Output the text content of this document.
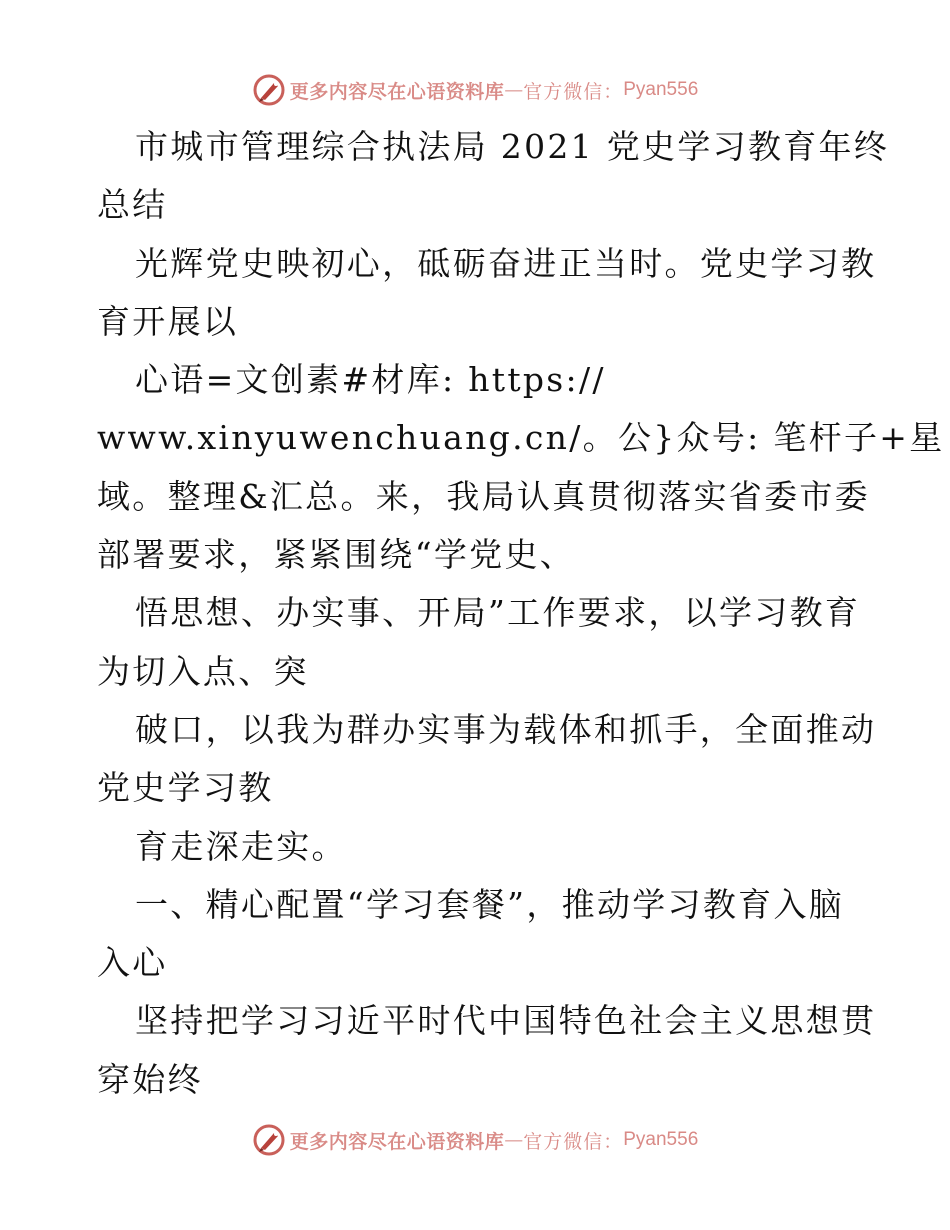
更多内容尽在心语资料库 — 官方微信： Pyan556
市城市管理综合执法局 2021 党史学习教育年终
总结
光辉党史映初心，砥砺奋进正当时。党史学习教
育开展以
心语=文创素#材库: https://
www.xinyuwenchuang.cn/。公}众号: 笔杆子+星
域。整理&汇总。来，我局认真贯彻落实省委市委
部署要求，紧紧围绕“学党史、
悟思想、办实事、开局”工作要求，以学习教育
为切入点、突
破口，以我为群办实事为载体和抓手，全面推动
党史学习教
育走深走实。
一、精心配置“学习套餐”，推动学习教育入脑
入心
坚持把学习习近平时代中国特色社会主义思想贯
穿始终
更多内容尽在心语资料库 — 官方微信： Pyan556
